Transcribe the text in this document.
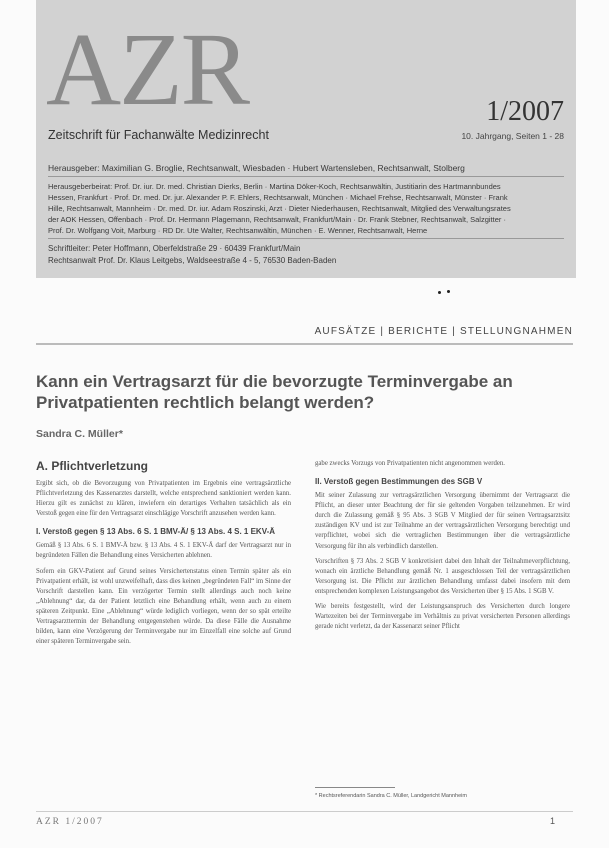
AZR	1/2007
Zeitschrift für Fachanwälte Medizinrecht	10. Jahrgang, Seiten 1 - 28
Herausgeber: Maximilian G. Broglie, Rechtsanwalt, Wiesbaden · Hubert Wartensleben, Rechtsanwalt, Stolberg
Herausgeberbeirat: Prof. Dr. iur. Dr. med. Christian Dierks, Berlin · Martina Döker-Koch, Rechtsanwältin, Justitiarin des Hartmannbundes
Hessen, Frankfurt · Prof. Dr. med. Dr. jur. Alexander P. F. Ehlers, Rechtsanwalt, München · Michael Frehse, Rechtsanwalt, Münster · Frank
Hille, Rechtsanwalt, Mannheim · Dr. med. Dr. iur. Adam Roszinski, Arzt · Dieter Niederhausen, Rechtsanwalt, Mitglied des Verwaltungsrates
der AOK Hessen, Offenbach · Prof. Dr. Hermann Plagemann, Rechtsanwalt, Frankfurt/Main · Dr. Frank Stebner, Rechtsanwalt, Salzgitter ·
Prof. Dr. Wolfgang Voit, Marburg · RD Dr. Ute Walter, Rechtsanwältin, München · E. Wenner, Rechtsanwalt, Herne
Schriftleiter: Peter Hoffmann, Oberfeldstraße 29 · 60439 Frankfurt/Main
Rechtsanwalt Prof. Dr. Klaus Leitgebs, Waldseestraße 4 - 5, 76530 Baden-Baden
AUFSÄTZE | BERICHTE | STELLUNGNAHMEN
Kann ein Vertragsarzt für die bevorzugte Terminvergabe an Privatpatienten rechtlich belangt werden?
Sandra C. Müller*
A. Pflichtverletzung

Ergibt sich, ob die Bevorzugung von Privatpatienten im Ergebnis eine vertragsärztliche Pflichtverletzung des Kassenarztes darstellt, welche entsprechend sanktioniert werden kann. Hierzu gilt es zunächst zu klären, inwiefern ein derartiges Verhalten tatsächlich als ein Verstoß gegen eine für den Vertragsarzt einschlägige Vorschrift anzusehen werden kann.

I. Verstoß gegen § 13 Abs. 6 S. 1 BMV-Ä/ § 13 Abs. 4 S. 1 EKV-Ä

Gemäß § 13 Abs. 6 S. 1 BMV-Ä bzw. § 13 Abs. 4 S. 1 EKV-Ä darf der Vertragsarzt nur in begründeten Fällen die Behandlung eines Versicherten ablehnen.

Sofern ein GKV-Patient auf Grund seines Versichertenstatus einen Termin später als ein Privatpatient erhält, ist wohl unzweifelhaft, dass dies keinen „begründeten Fall“ im Sinne der Vorschrift darstellen kann. Ein verzögerter Termin stellt allerdings auch noch keine „Ablehnung“ dar, da der Patient letztlich eine Behandlung erhält, wenn auch zu einem späteren Zeitpunkt. Eine „Ablehnung“ würde lediglich vorliegen, wenn der so spät erteilte Vertragsarzttermin der Behandlung entgegenstehen würde. Da diese Fälle die Ausnahme bilden, kann eine Verzögerung der Terminvergabe nur im Einzelfall eine solche auf Grund einer späteren Terminvergabe sein.

gabe zwecks Vorzugs von Privatpatienten nicht angenommen werden.

II. Verstoß gegen Bestimmungen des SGB V

Mit seiner Zulassung zur vertragsärztlichen Versorgung übernimmt der Vertragsarzt die Pflicht, an dieser unter Beachtung der für sie geltenden Vorgaben teilzunehmen. Er wird durch die Zulassung gemäß § 95 Abs. 3 SGB V Mitglied der für seinen Vertragsarztsitz zuständigen KV und ist zur Teilnahme an der vertragsärztlichen Versorgung berechtigt und verpflichtet, wobei sich die vertraglichen Bestimmungen über die vertragsärztliche Versorgung für ihn als verbindlich darstellen.

Vorschriften § 73 Abs. 2 SGB V konkretisiert dabei den Inhalt der Teilnahmeverpflichtung, wonach ein ärztliche Behandlung gemäß Nr. 1 ausgeschlossen Teil der vertragsärztlichen Versorgung ist. Die Pflicht zur ärztlichen Behandlung umfasst dabei insofern mit dem entsprechenden komplexen Leistungsangebot des Versicherten über § 15 Abs. 1 SGB V.

Wie bereits festgestellt, wird der Leistungsanspruch des Versicherten durch longere Wartezeiten bei der Terminvergabe im Verhältnis zu privat versicherten Personen allerdings gerade nicht verletzt, da der Kassenarzt seiner Pflicht

* Rechtsreferendarin Sandra C. Müller, Landgericht Mannheim
AZR 1/2007	1
